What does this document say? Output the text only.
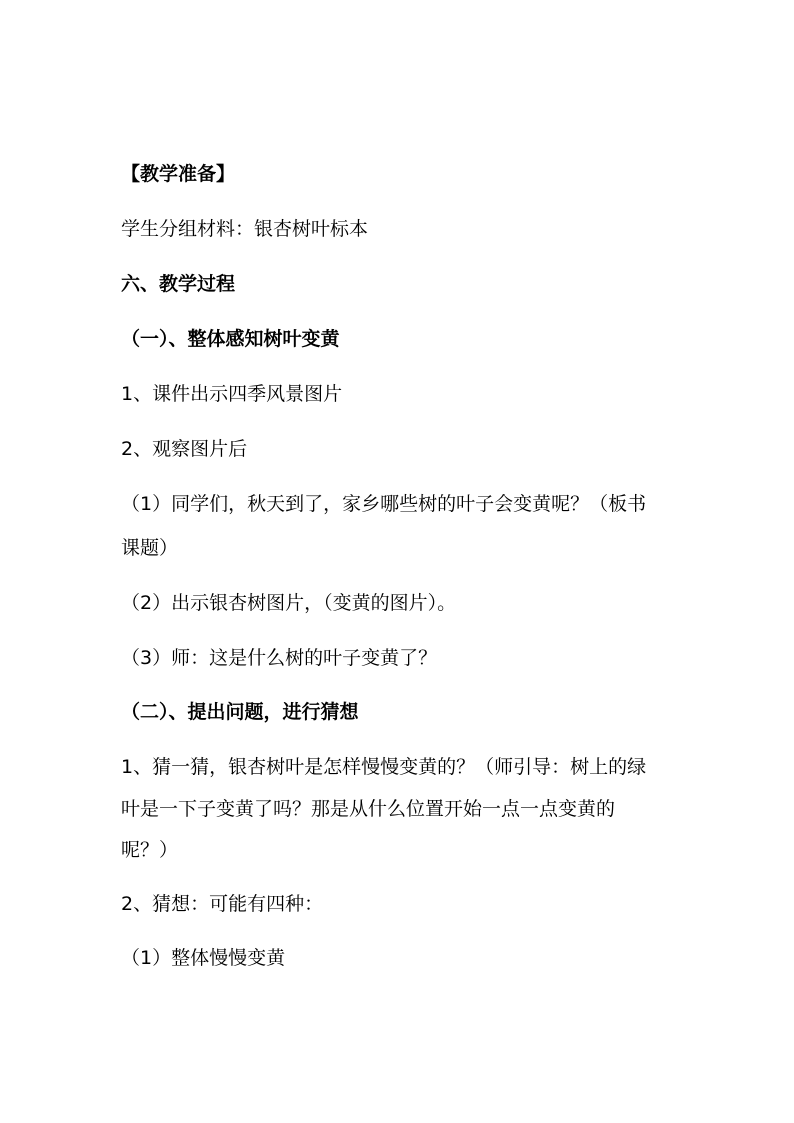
【教学准备】
学生分组材料：银杏树叶标本
六、教学过程
（一）、整体感知树叶变黄
1、课件出示四季风景图片
2、观察图片后
（1）同学们，秋天到了，家乡哪些树的叶子会变黄呢？（板书
课题）
（2）出示银杏树图片，（变黄的图片）。
（3）师：这是什么树的叶子变黄了？
（二）、提出问题，进行猜想
1、猜一猜，银杏树叶是怎样慢慢变黄的？（师引导：树上的绿
叶是一下子变黄了吗？那是从什么位置开始一点一点变黄的
呢？）
2、猜想：可能有四种：
（1）整体慢慢变黄
